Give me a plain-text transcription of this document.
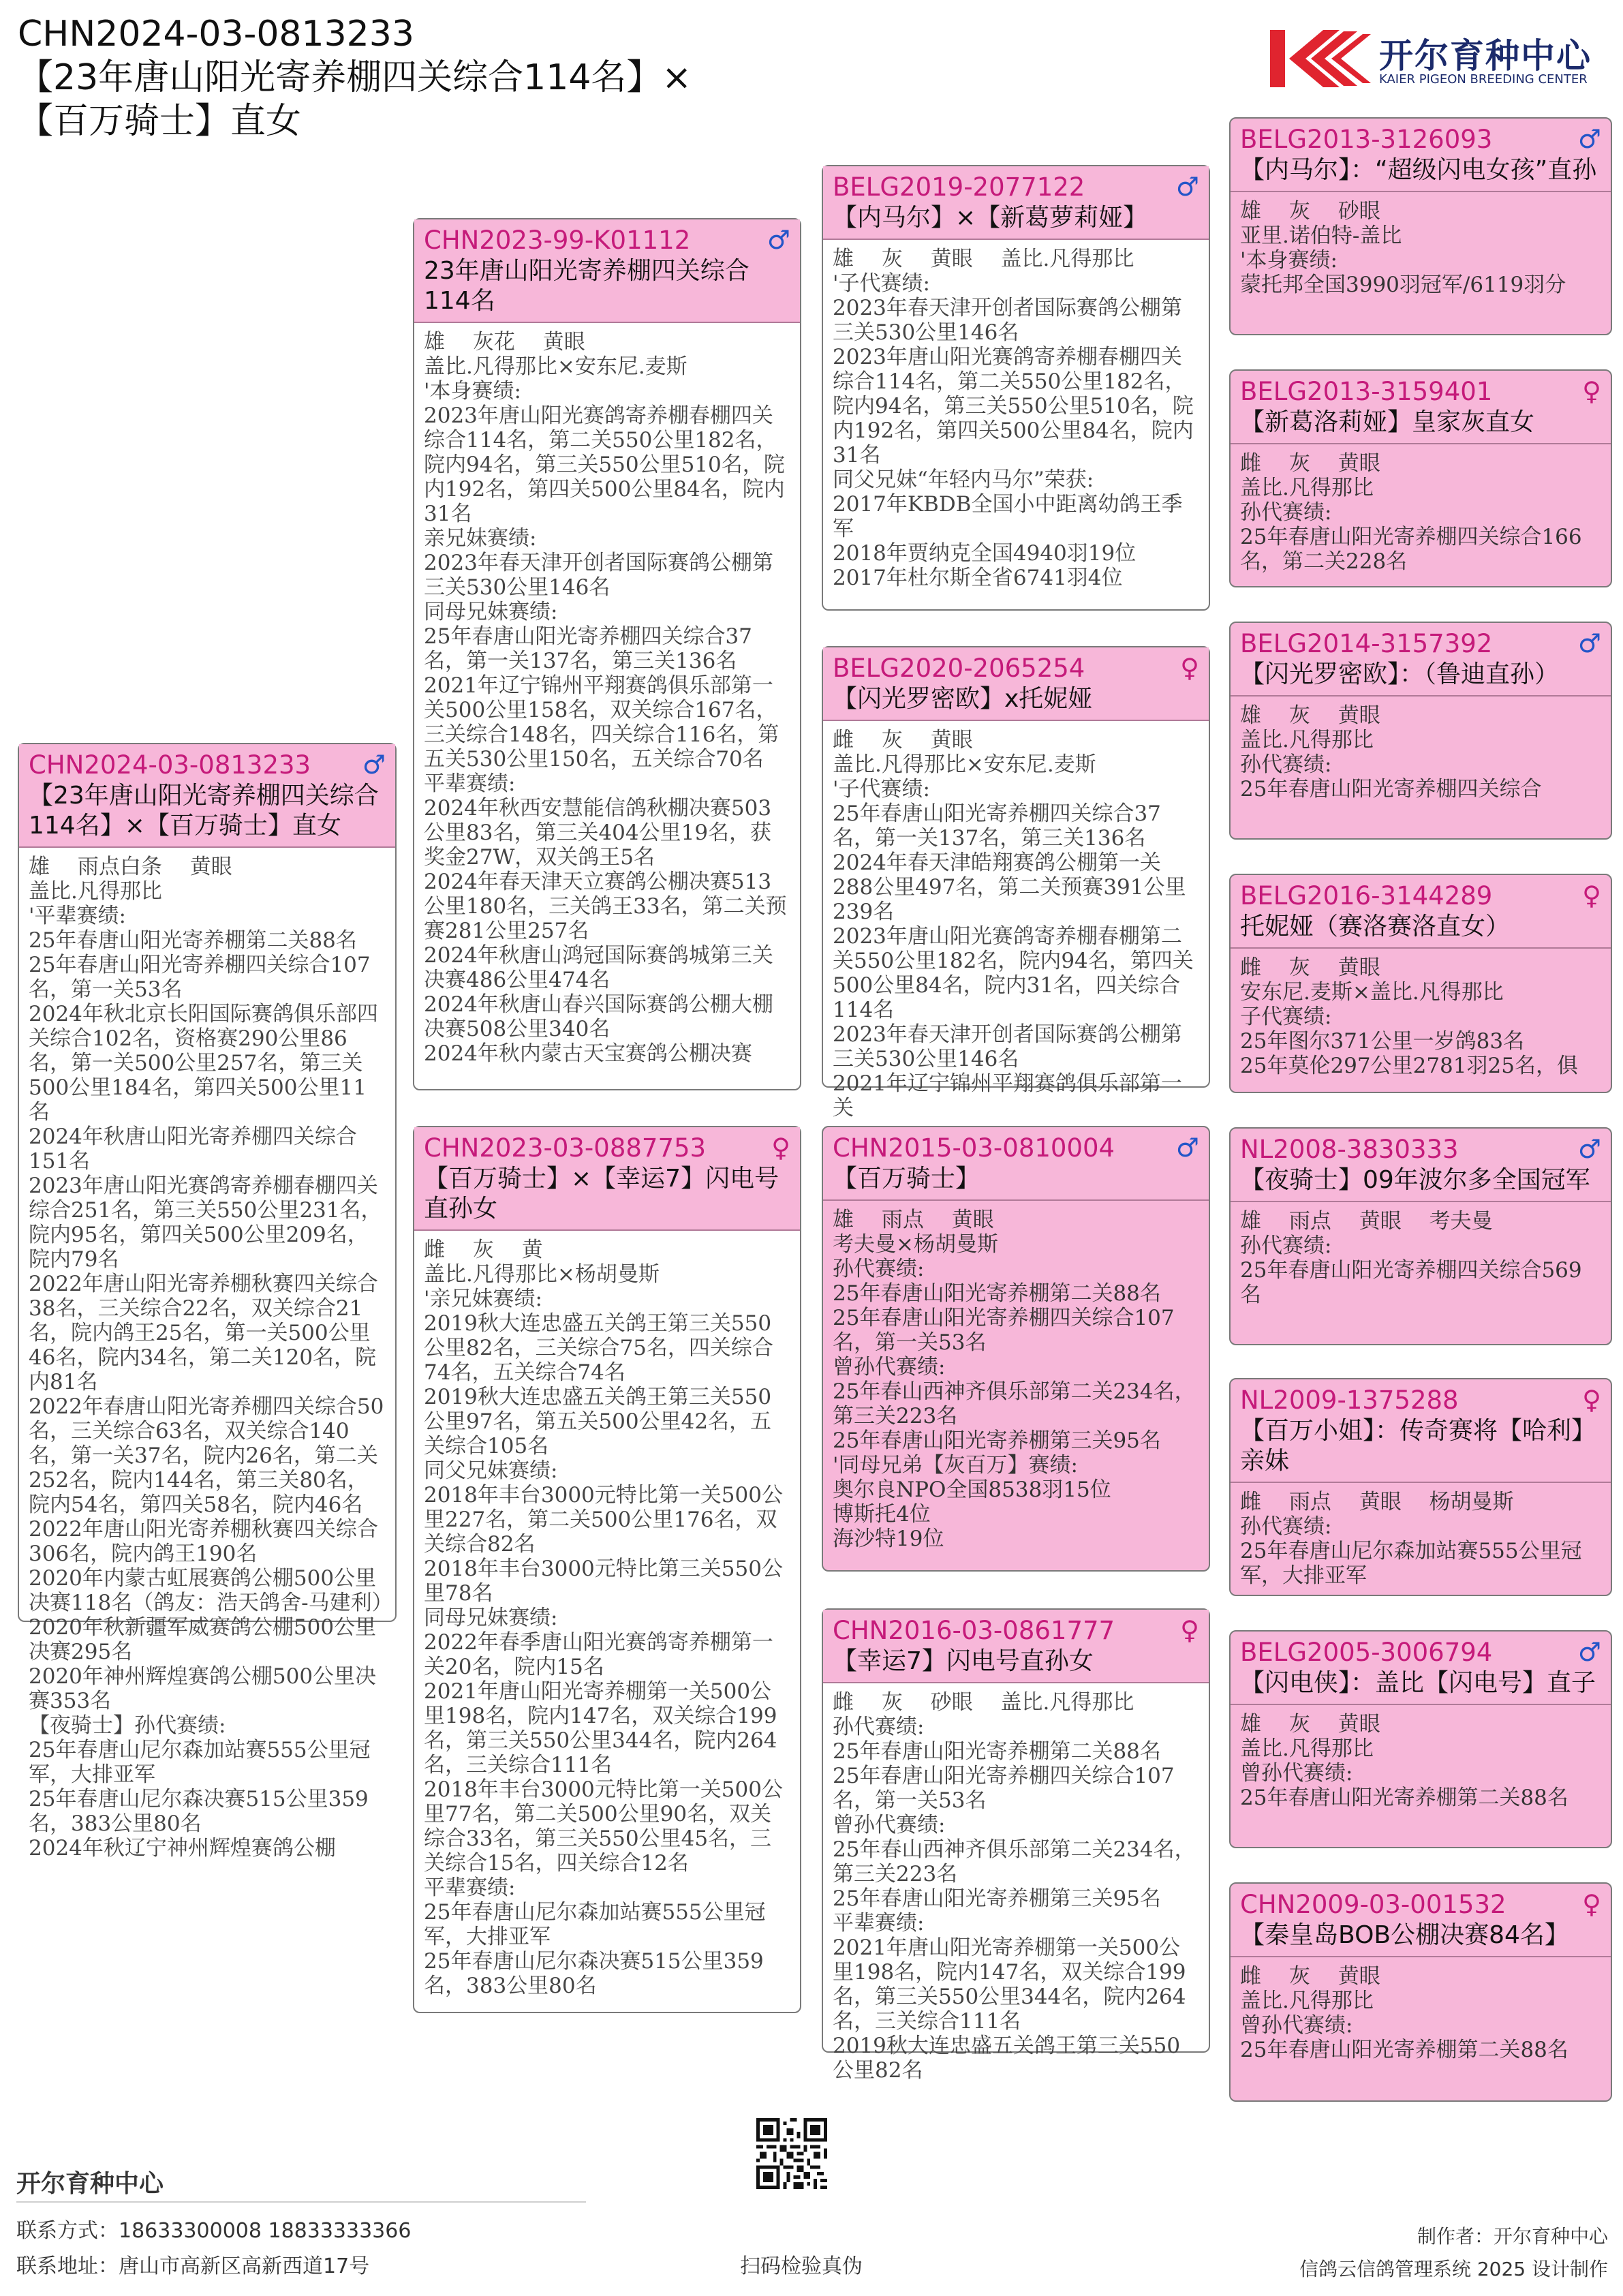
CHN2024-03-0813233
【23年唐山阳光寄养棚四关综合114名】×
【百万骑士】直女
开尔育种中心
KAIER PIGEON BREEDING CENTER
CHN2024-03-0813233	♂
【23年唐山阳光寄养棚四关综合114名】×【百万骑士】直女
雄　 雨点白条　 黄眼
盖比.凡得那比
'平辈赛绩:
25年春唐山阳光寄养棚第二关88名
25年春唐山阳光寄养棚四关综合107名，第一关53名
2024年秋北京长阳国际赛鸽俱乐部四关综合102名，资格赛290公里86名，第一关500公里257名，第三关500公里184名，第四关500公里11名
2024年秋唐山阳光寄养棚四关综合151名
2023年唐山阳光赛鸽寄养棚春棚四关综合251名，第三关550公里231名，院内95名，第四关500公里209名，院内79名
2022年唐山阳光寄养棚秋赛四关综合38名，三关综合22名，双关综合21名，院内鸽王25名，第一关500公里46名，院内34名，第二关120名，院内81名
2022年春唐山阳光寄养棚四关综合50名，三关综合63名，双关综合140名，第一关37名，院内26名，第二关252名，院内144名，第三关80名，院内54名，第四关58名，院内46名
2022年唐山阳光寄养棚秋赛四关综合306名，院内鸽王190名
2020年内蒙古虹展赛鸽公棚500公里决赛118名（鸽友：浩天鸽舍-马建利）
2020年秋新疆军威赛鸽公棚500公里决赛295名
2020年神州辉煌赛鸽公棚500公里决赛353名
【夜骑士】孙代赛绩:
25年春唐山尼尔森加站赛555公里冠军，大排亚军
25年春唐山尼尔森决赛515公里359名，383公里80名
2024年秋辽宁神州辉煌赛鸽公棚
CHN2023-99-K01112	♂
23年唐山阳光寄养棚四关综合114名
雄　 灰花　 黄眼
盖比.凡得那比×安东尼.麦斯
'本身赛绩:
2023年唐山阳光赛鸽寄养棚春棚四关综合114名，第二关550公里182名，院内94名，第三关550公里510名，院内192名，第四关500公里84名，院内31名
亲兄妹赛绩:
2023年春天津开创者国际赛鸽公棚第三关530公里146名
同母兄妹赛绩:
25年春唐山阳光寄养棚四关综合37名，第一关137名，第三关136名
2021年辽宁锦州平翔赛鸽俱乐部第一关500公里158名，双关综合167名，三关综合148名，四关综合116名，第五关530公里150名，五关综合70名
平辈赛绩:
2024年秋西安慧能信鸽秋棚决赛503公里83名，第三关404公里19名，获奖金27W，双关鸽王5名
2024年春天津天立赛鸽公棚决赛513公里180名，三关鸽王33名，第二关预赛281公里257名
2024年秋唐山鸿冠国际赛鸽城第三关决赛486公里474名
2024年秋唐山春兴国际赛鸽公棚大棚决赛508公里340名
2024年秋内蒙古天宝赛鸽公棚决赛
CHN2023-03-0887753	♀
【百万骑士】×【幸运7】闪电号直孙女
雌　 灰　 黄
盖比.凡得那比×杨胡曼斯
'亲兄妹赛绩:
2019秋大连忠盛五关鸽王第三关550公里82名，三关综合75名，四关综合74名，五关综合74名
2019秋大连忠盛五关鸽王第三关550公里97名，第五关500公里42名，五关综合105名
同父兄妹赛绩:
2018年丰台3000元特比第一关500公里227名，第二关500公里176名，双关综合82名
2018年丰台3000元特比第三关550公里78名
同母兄妹赛绩:
2022年春季唐山阳光赛鸽寄养棚第一关20名，院内15名
2021年唐山阳光寄养棚第一关500公里198名，院内147名，双关综合199名，第三关550公里344名，院内264名，三关综合111名
2018年丰台3000元特比第一关500公里77名，第二关500公里90名，双关综合33名，第三关550公里45名，三关综合15名，四关综合12名
平辈赛绩:
25年春唐山尼尔森加站赛555公里冠军，大排亚军
25年春唐山尼尔森决赛515公里359名，383公里80名
BELG2019-2077122	♂
【内马尔】×【新葛萝莉娅】
雄　 灰　 黄眼　 盖比.凡得那比
'子代赛绩:
2023年春天津开创者国际赛鸽公棚第三关530公里146名
2023年唐山阳光赛鸽寄养棚春棚四关综合114名，第二关550公里182名，院内94名，第三关550公里510名，院内192名，第四关500公里84名，院内31名
同父兄妹“年轻内马尔”荣获:
2017年KBDB全国小中距离幼鸽王季军
2018年贾纳克全国4940羽19位
2017年杜尔斯全省6741羽4位
BELG2020-2065254	♀
【闪光罗密欧】x托妮娅
雌　 灰　 黄眼
盖比.凡得那比×安东尼.麦斯
'子代赛绩:
25年春唐山阳光寄养棚四关综合37名，第一关137名，第三关136名
2024年春天津皓翔赛鸽公棚第一关288公里497名，第二关预赛391公里239名
2023年唐山阳光赛鸽寄养棚春棚第二关550公里182名，院内94名，第四关500公里84名，院内31名，四关综合114名
2023年春天津开创者国际赛鸽公棚第三关530公里146名
2021年辽宁锦州平翔赛鸽俱乐部第一关
CHN2015-03-0810004	♂
【百万骑士】
雄　 雨点　 黄眼
考夫曼×杨胡曼斯
孙代赛绩:
25年春唐山阳光寄养棚第二关88名
25年春唐山阳光寄养棚四关综合107名，第一关53名
曾孙代赛绩:
25年春山西神齐俱乐部第二关234名，第三关223名
25年春唐山阳光寄养棚第三关95名
'同母兄弟【灰百万】赛绩:
奥尔良NPO全国8538羽15位
博斯托4位
海沙特19位
CHN2016-03-0861777	♀
【幸运7】闪电号直孙女
雌　 灰　 砂眼　 盖比.凡得那比
孙代赛绩:
25年春唐山阳光寄养棚第二关88名
25年春唐山阳光寄养棚四关综合107名，第一关53名
曾孙代赛绩:
25年春山西神齐俱乐部第二关234名，第三关223名
25年春唐山阳光寄养棚第三关95名
平辈赛绩:
2021年唐山阳光寄养棚第一关500公里198名，院内147名，双关综合199名，第三关550公里344名，院内264名，三关综合111名
2019秋大连忠盛五关鸽王第三关550公里82名
BELG2013-3126093	♂
【内马尔】：“超级闪电女孩”直孙
雄　 灰　 砂眼
亚里.诺伯特-盖比
'本身赛绩:
蒙托邦全国3990羽冠军/6119羽分
BELG2013-3159401	♀
【新葛洛莉娅】皇家灰直女
雌　 灰　 黄眼
盖比.凡得那比
孙代赛绩:
25年春唐山阳光寄养棚四关综合166名，第二关228名
BELG2014-3157392	♂
【闪光罗密欧】：（鲁迪直孙）
雄　 灰　 黄眼
盖比.凡得那比
孙代赛绩:
25年春唐山阳光寄养棚四关综合
BELG2016-3144289	♀
托妮娅（赛洛赛洛直女）
雌　 灰　 黄眼
安东尼.麦斯×盖比.凡得那比
子代赛绩:
25年图尔371公里一岁鸽83名
25年莫伦297公里2781羽25名，俱
NL2008-3830333	♂
【夜骑士】09年波尔多全国冠军
雄　 雨点　 黄眼　 考夫曼
孙代赛绩:
25年春唐山阳光寄养棚四关综合569名
NL2009-1375288	♀
【百万小姐】：传奇赛将【哈利】亲妹
雌　 雨点　 黄眼　 杨胡曼斯
孙代赛绩:
25年春唐山尼尔森加站赛555公里冠军，大排亚军
BELG2005-3006794	♂
【闪电侠】：盖比【闪电号】直子
雄　 灰　 黄眼
盖比.凡得那比
曾孙代赛绩:
25年春唐山阳光寄养棚第二关88名
CHN2009-03-001532	♀
【秦皇岛BOB公棚决赛84名】
雌　 灰　 黄眼
盖比.凡得那比
曾孙代赛绩:
25年春唐山阳光寄养棚第二关88名
开尔育种中心
联系方式：18633300008 18833333366
联系地址：唐山市高新区高新西道17号	扫码检验真伪
制作者：开尔育种中心
信鸽云信鸽管理系统 2025 设计制作
